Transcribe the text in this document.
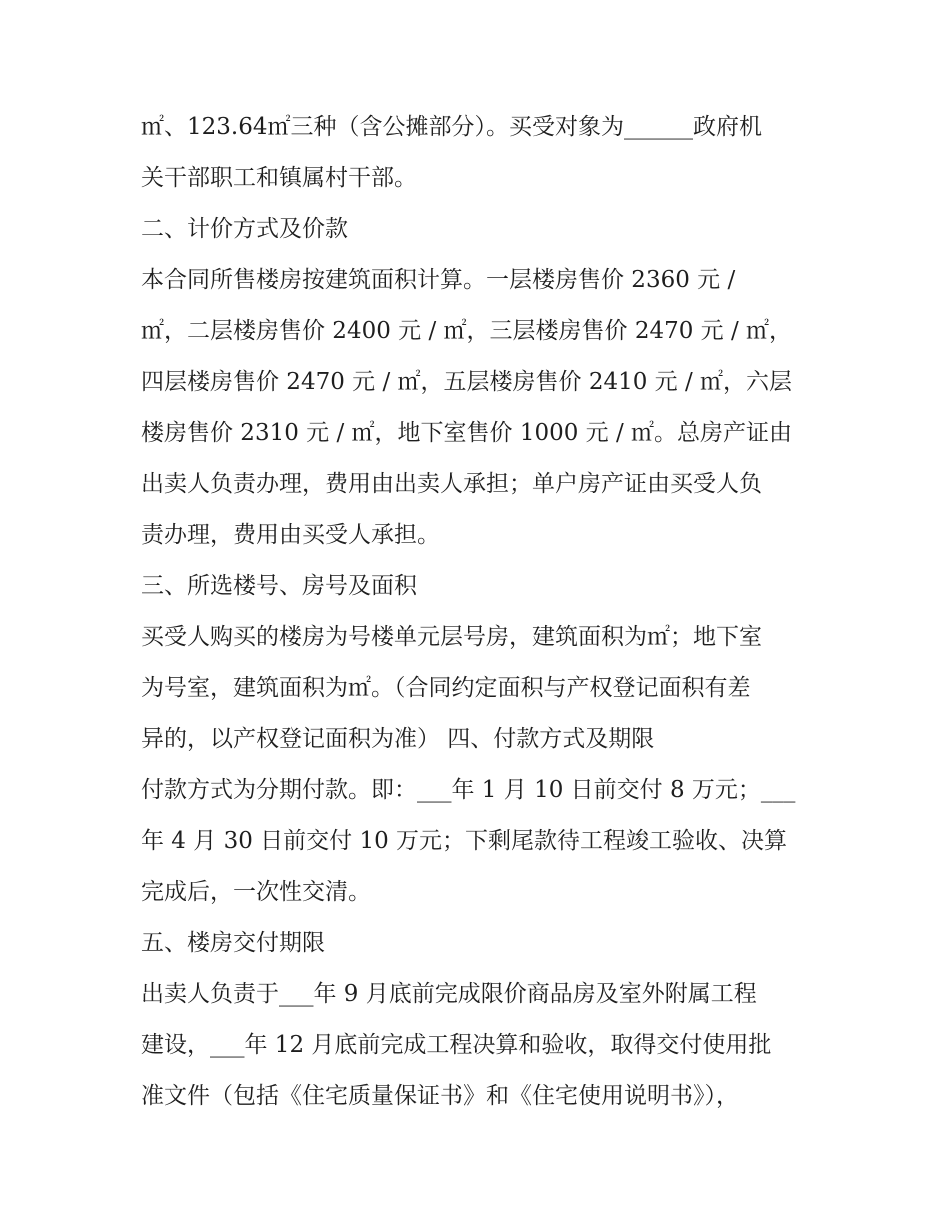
㎡、123.64㎡三种（含公摊部分）。买受对象为______政府机
关干部职工和镇属村干部。
二、计价方式及价款
本合同所售楼房按建筑面积计算。一层楼房售价 2360 元 /
㎡，二层楼房售价 2400 元 / ㎡，三层楼房售价 2470 元 / ㎡，
四层楼房售价 2470 元 / ㎡，五层楼房售价 2410 元 / ㎡，六层
楼房售价 2310 元 / ㎡，地下室售价 1000 元 / ㎡。总房产证由
出卖人负责办理，费用由出卖人承担；单户房产证由买受人负
责办理，费用由买受人承担。
三、所选楼号、房号及面积
买受人购买的楼房为号楼单元层号房，建筑面积为㎡；地下室
为号室，建筑面积为㎡。（合同约定面积与产权登记面积有差
异的，以产权登记面积为准） 四、付款方式及期限
付款方式为分期付款。即：___年 1 月 10 日前交付 8 万元；___
年 4 月 30 日前交付 10 万元；下剩尾款待工程竣工验收、决算
完成后，一次性交清。
五、楼房交付期限
出卖人负责于___年 9 月底前完成限价商品房及室外附属工程
建设，___年 12 月底前完成工程决算和验收，取得交付使用批
准文件（包括《住宅质量保证书》和《住宅使用说明书》），
